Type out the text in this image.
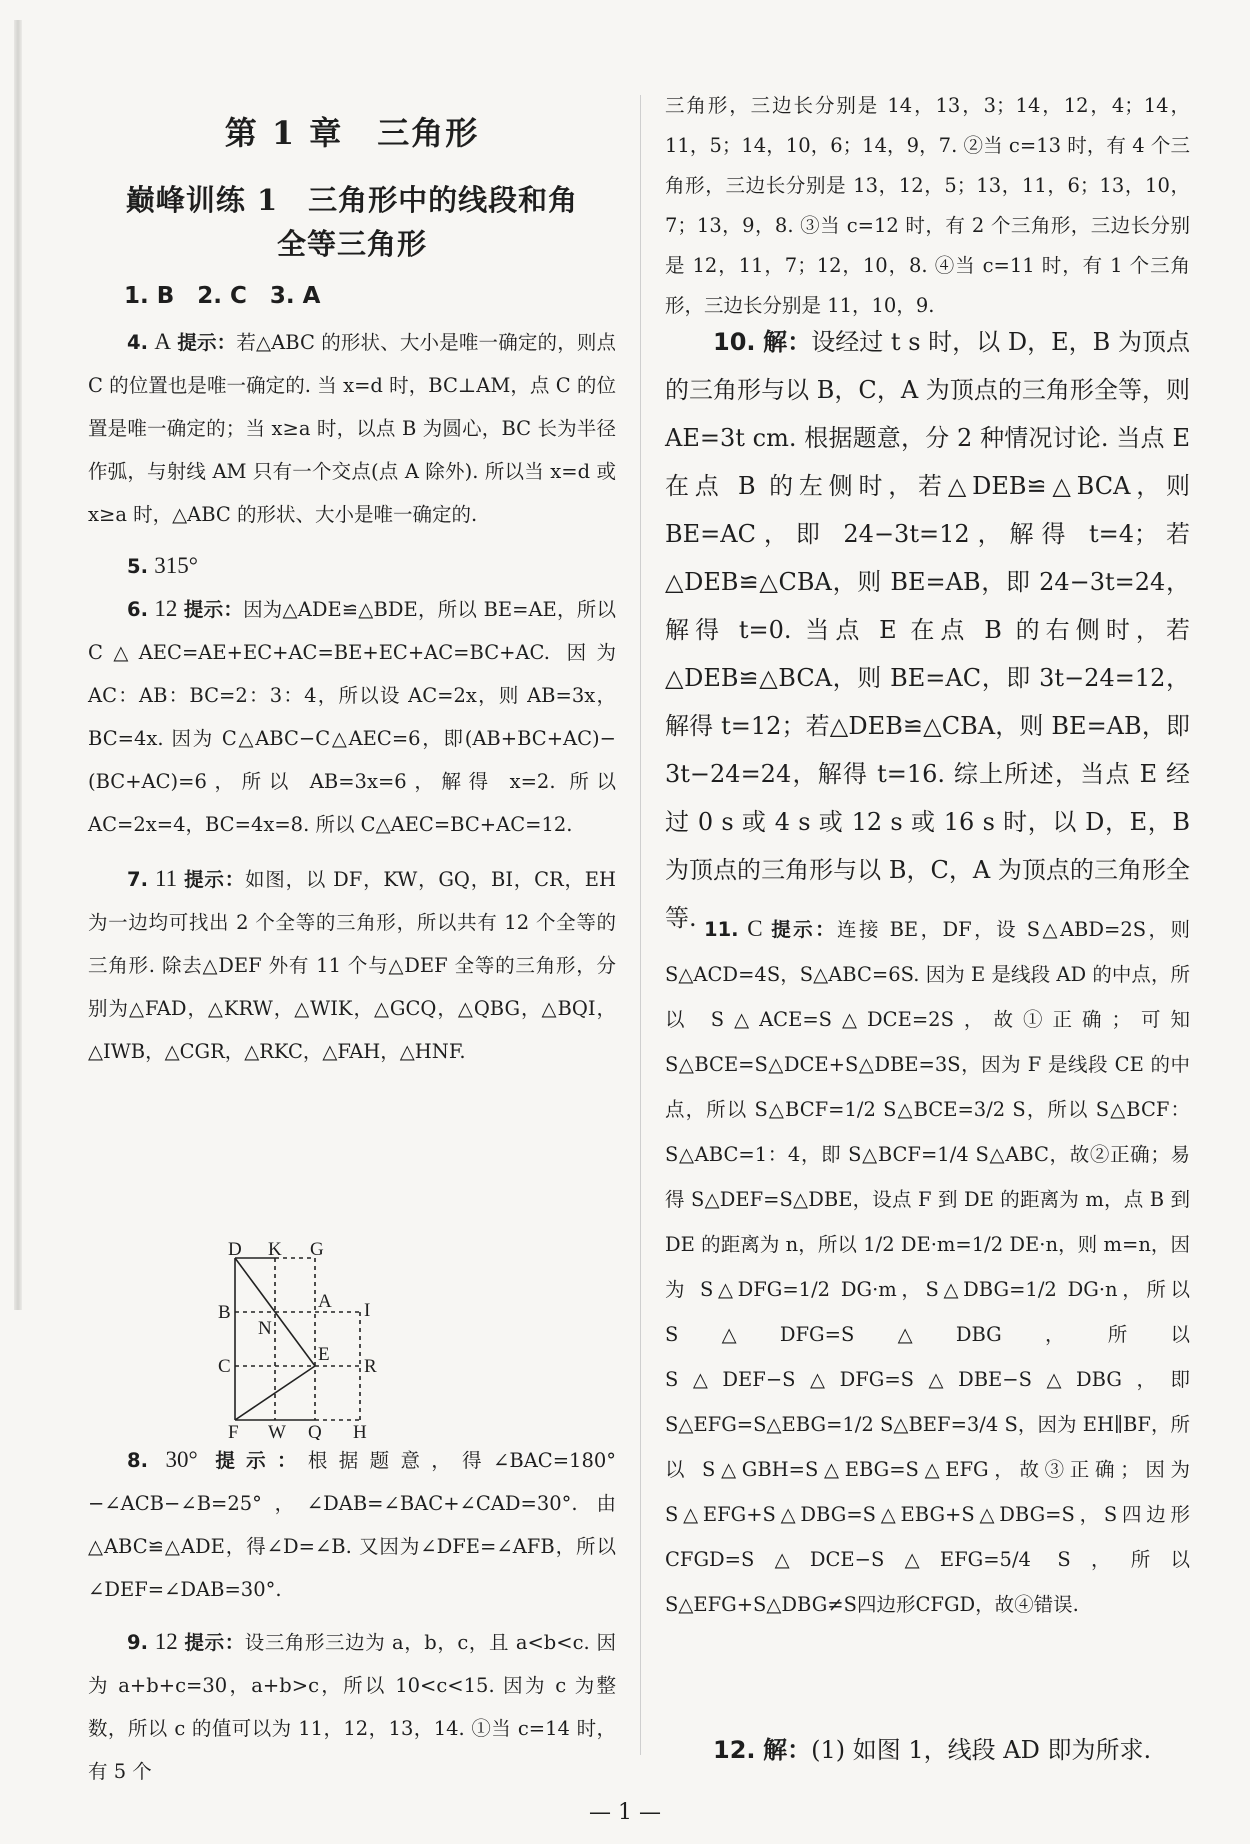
第 1 章　三角形
巅峰训练 1　三角形中的线段和角
全等三角形
1. B　2. C　3. A
4. A 提示：若△ABC 的形状、大小是唯一确定的，则点 C 的位置也是唯一确定的. 当 x=d 时，BC⊥AM，点 C 的位置是唯一确定的；当 x≥a 时，以点 B 为圆心，BC 长为半径作弧，与射线 AM 只有一个交点(点 A 除外). 所以当 x=d 或 x≥a 时，△ABC 的形状、大小是唯一确定的.
5. 315°
6. 12 提示：因为△ADE≌△BDE，所以 BE=AE，所以 C△AEC=AE+EC+AC=BE+EC+AC=BC+AC. 因为 AC：AB：BC=2：3：4，所以设 AC=2x，则 AB=3x，BC=4x. 因为 C△ABC−C△AEC=6，即(AB+BC+AC)−(BC+AC)=6，所以 AB=3x=6，解得 x=2. 所以 AC=2x=4，BC=4x=8. 所以 C△AEC=BC+AC=12.
7. 11 提示：如图，以 DF，KW，GQ，BI，CR，EH 为一边均可找出 2 个全等的三角形，所以共有 12 个全等的三角形. 除去△DEF 外有 11 个与△DEF 全等的三角形，分别为△FAD，△KRW，△WIK，△GCQ，△QBG，△BQI，△IWB，△CGR，△RKC，△FAH，△HNF.
8. 30° 提示：根据题意，得∠BAC=180°−∠ACB−∠B=25°，∠DAB=∠BAC+∠CAD=30°. 由△ABC≌△ADE，得∠D=∠B. 又因为∠DFE=∠AFB，所以∠DEF=∠DAB=30°.
9. 12 提示：设三角形三边为 a，b，c，且 a<b<c. 因为 a+b+c=30，a+b>c，所以 10<c<15. 因为 c 为整数，所以 c 的值可以为 11，12，13，14. ①当 c=14 时，有 5 个
D K G
B
A I
N
C
E
R
F W Q H
三角形，三边长分别是 14，13，3；14，12，4；14，11，5；14，10，6；14，9，7. ②当 c=13 时，有 4 个三角形，三边长分别是 13，12，5；13，11，6；13，10，7；13，9，8. ③当 c=12 时，有 2 个三角形，三边长分别是 12，11，7；12，10，8. ④当 c=11 时，有 1 个三角形，三边长分别是 11，10，9.
10. 解：设经过 t s 时，以 D，E，B 为顶点的三角形与以 B，C，A 为顶点的三角形全等，则 AE=3t cm. 根据题意，分 2 种情况讨论. 当点 E 在点 B 的左侧时，若△DEB≌△BCA，则 BE=AC，即 24−3t=12，解得 t=4；若△DEB≌△CBA，则 BE=AB，即 24−3t=24，解得 t=0. 当点 E 在点 B 的右侧时，若△DEB≌△BCA，则 BE=AC，即 3t−24=12，解得 t=12；若△DEB≌△CBA，则 BE=AB，即 3t−24=24，解得 t=16. 综上所述，当点 E 经过 0 s 或 4 s 或 12 s 或 16 s 时，以 D，E，B 为顶点的三角形与以 B，C，A 为顶点的三角形全等. 11. C 提示：连接 BE，DF，设 S△ABD=2S，则 S△ACD=4S，S△ABC=6S. 因为 E 是线段 AD 的中点，所以 S△ACE=S△DCE=2S，故①正确；可知 S△BCE=S△DCE+S△DBE=3S，因为 F 是线段 CE 的中点，所以 S△BCF=1/2 S△BCE=3/2 S，所以 S△BCF：S△ABC=1：4，即 S△BCF=1/4 S△ABC，故②正确；易得 S△DEF=S△DBE，设点 F 到 DE 的距离为 m，点 B 到 DE 的距离为 n，所以 1/2 DE·m=1/2 DE·n，则 m=n，因为 S△DFG=1/2 DG·m，S△DBG=1/2 DG·n，所以 S△DFG=S△DBG，所以 S△DEF−S△DFG=S△DBE−S△DBG，即 S△EFG=S△EBG=1/2 S△BEF=3/4 S，因为 EH∥BF，所以 S△GBH=S△EBG=S△EFG，故③正确；因为 S△EFG+S△DBG=S△EBG+S△DBG=S，S四边形CFGD=S△DCE−S△EFG=5/4 S，所以 S△EFG+S△DBG≠S四边形CFGD，故④错误.
12. 解：(1) 如图 1，线段 AD 即为所求.
— 1 —
